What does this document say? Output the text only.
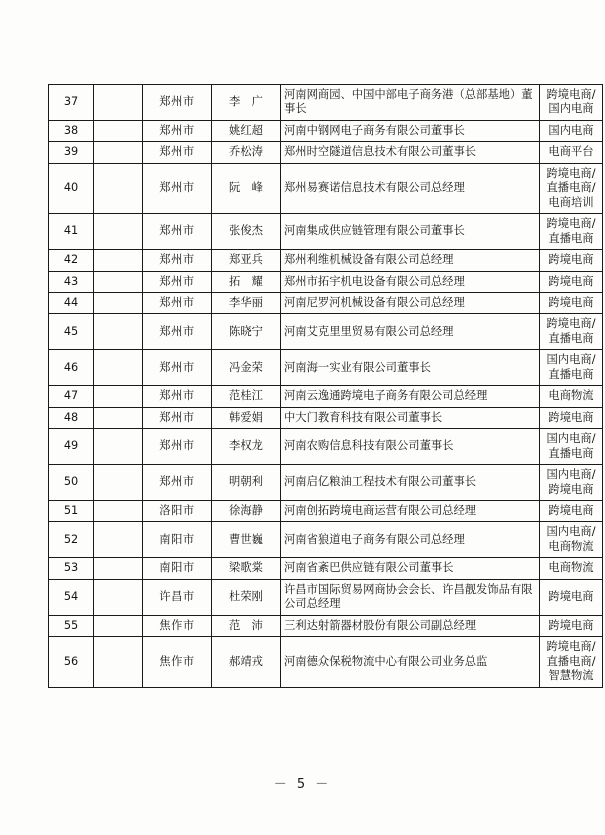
37		郑州市	李　广	河南网商园、中国中部电子商务港（总部基地）董事长	跨境电商/
国内电商

38		郑州市	姚红超	河南中钢网电子商务有限公司董事长	国内电商

39		郑州市	乔松涛	郑州时空隧道信息技术有限公司董事长	电商平台

40		郑州市	阮　峰	郑州易赛诺信息技术有限公司总经理	跨境电商/
直播电商/
电商培训

41		郑州市	张俊杰	河南集成供应链管理有限公司董事长	跨境电商/
直播电商

42		郑州市	郑亚兵	郑州利维机械设备有限公司总经理	跨境电商

43		郑州市	拓　耀	郑州市拓宇机电设备有限公司总经理	跨境电商

44		郑州市	李华丽	河南尼罗河机械设备有限公司总经理	跨境电商

45		郑州市	陈晓宁	河南艾克里里贸易有限公司总经理	跨境电商/
直播电商

46		郑州市	冯金荣	河南海一实业有限公司董事长	国内电商/
直播电商

47		郑州市	范桂江	河南云逸通跨境电子商务有限公司总经理	电商物流

48		郑州市	韩爱娟	中大门教育科技有限公司董事长	跨境电商

49		郑州市	李权龙	河南农购信息科技有限公司董事长	国内电商/
直播电商

50		郑州市	明朝利	河南启亿粮油工程技术有限公司董事长	国内电商/
跨境电商

51		洛阳市	徐海静	河南创拓跨境电商运营有限公司总经理	跨境电商

52		南阳市	曹世巍	河南省狼道电子商务有限公司总经理	国内电商/
电商物流

53		南阳市	梁歌棠	河南省紊巴供应链有限公司董事长	电商物流

54		许昌市	杜荣刚	许昌市国际贸易网商协会会长、许昌靓发饰品有限公司总经理	跨境电商

55		焦作市	范　沛	三利达射箭器材股份有限公司副总经理	跨境电商

56		焦作市	郝靖戎	河南德众保税物流中心有限公司业务总监	跨境电商/
直播电商/
智慧物流
－ 5 －
